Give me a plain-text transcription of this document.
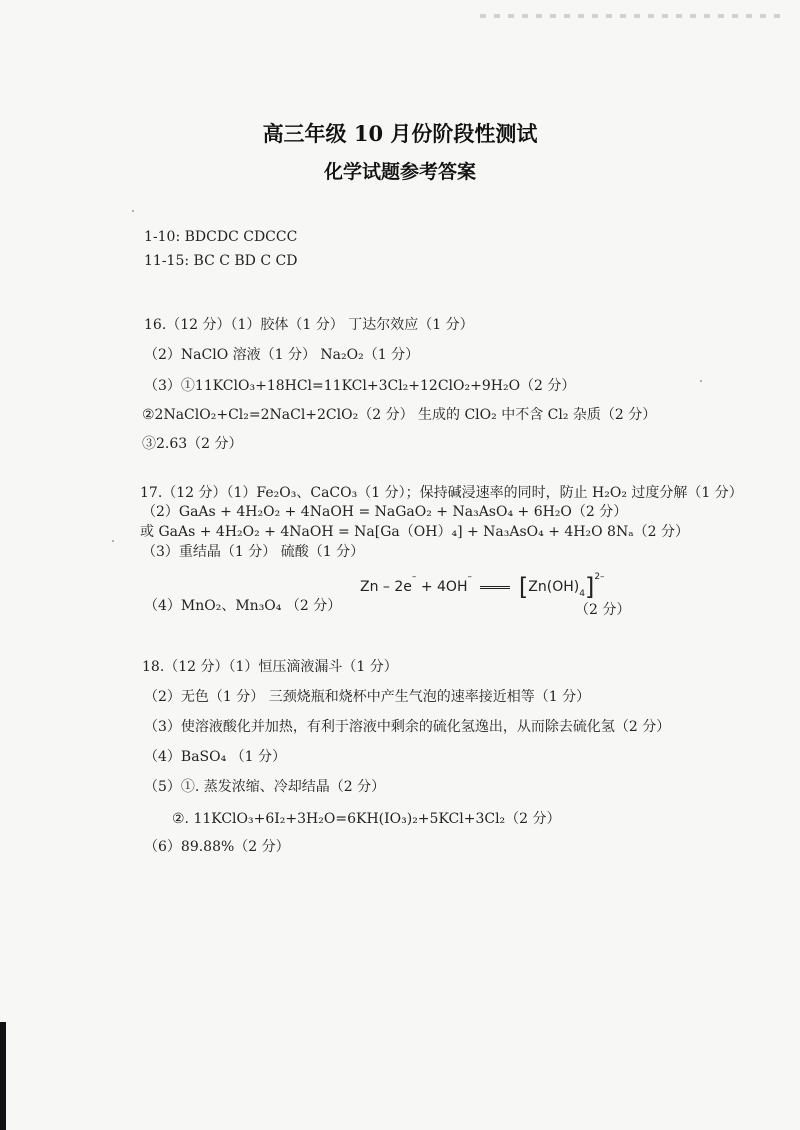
高三年级 10 月份阶段性测试
化学试题参考答案
1-10: BDCDC CDCCC
11-15: BC C BD C CD
16.（12 分）（1）胶体（1 分） 丁达尔效应（1 分）
（2）NaClO 溶液（1 分） Na₂O₂（1 分）
（3）①11KClO₃+18HCl=11KCl+3Cl₂+12ClO₂+9H₂O（2 分）
②2NaClO₂+Cl₂=2NaCl+2ClO₂（2 分） 生成的 ClO₂ 中不含 Cl₂ 杂质（2 分）
③2.63（2 分）
17.（12 分）（1）Fe₂O₃、CaCO₃（1 分）；保持碱浸速率的同时，防止 H₂O₂ 过度分解（1 分）
（2）GaAs + 4H₂O₂ + 4NaOH = NaGaO₂ + Na₃AsO₄ + 6H₂O（2 分）
或 GaAs + 4H₂O₂ + 4NaOH = Na[Ga（OH）₄] + Na₃AsO₄ + 4H₂O 8Nₐ（2 分）
（3）重结晶（1 分） 硫酸（1 分）
Zn – 2e– + 4OH– $[Zn(OH)_4]^{2-}$
（4）MnO₂、Mn₃O₄ （2 分）	（2 分）
18.（12 分）（1）恒压滴液漏斗（1 分）
（2）无色（1 分） 三颈烧瓶和烧杯中产生气泡的速率接近相等（1 分）
（3）使溶液酸化并加热，有利于溶液中剩余的硫化氢逸出，从而除去硫化氢（2 分）
（4）BaSO₄ （1 分）
（5）①. 蒸发浓缩、冷却结晶（2 分）
②. 11KClO₃+6I₂+3H₂O=6KH(IO₃)₂+5KCl+3Cl₂（2 分）
（6）89.88%（2 分）
